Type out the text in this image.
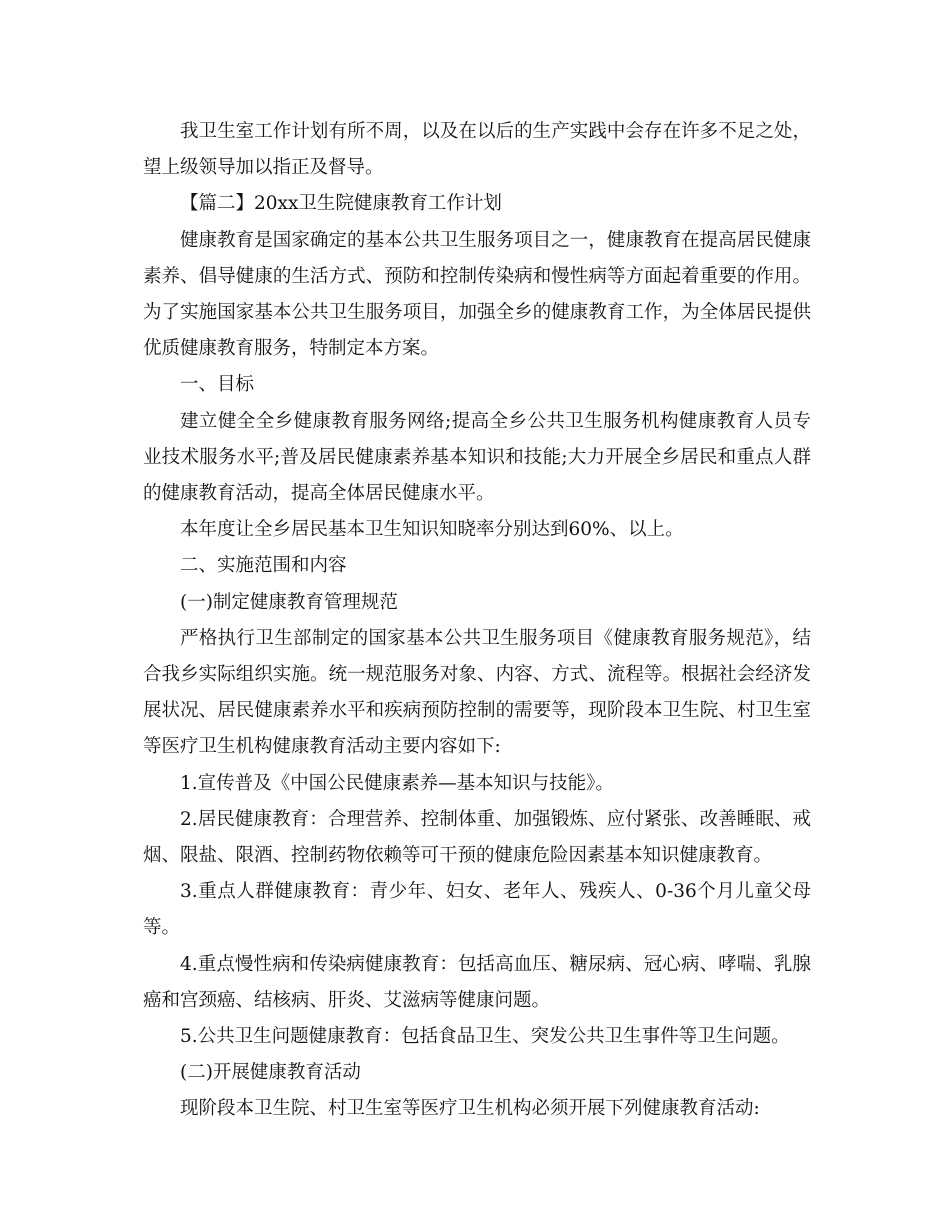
我卫生室工作计划有所不周，以及在以后的生产实践中会存在许多不足之处，望上级领导加以指正及督导。

【篇二】20xx卫生院健康教育工作计划

健康教育是国家确定的基本公共卫生服务项目之一，健康教育在提高居民健康素养、倡导健康的生活方式、预防和控制传染病和慢性病等方面起着重要的作用。为了实施国家基本公共卫生服务项目，加强全乡的健康教育工作，为全体居民提供优质健康教育服务，特制定本方案。

一、目标

建立健全全乡健康教育服务网络;提高全乡公共卫生服务机构健康教育人员专业技术服务水平;普及居民健康素养基本知识和技能;大力开展全乡居民和重点人群的健康教育活动，提高全体居民健康水平。

本年度让全乡居民基本卫生知识知晓率分别达到60%、以上。

二、实施范围和内容

(一)制定健康教育管理规范

严格执行卫生部制定的国家基本公共卫生服务项目《健康教育服务规范》，结合我乡实际组织实施。统一规范服务对象、内容、方式、流程等。根据社会经济发展状况、居民健康素养水平和疾病预防控制的需要等，现阶段本卫生院、村卫生室等医疗卫生机构健康教育活动主要内容如下:

1.宣传普及《中国公民健康素养—基本知识与技能》。

2.居民健康教育：合理营养、控制体重、加强锻炼、应付紧张、改善睡眠、戒烟、限盐、限酒、控制药物依赖等可干预的健康危险因素基本知识健康教育。

3.重点人群健康教育：青少年、妇女、老年人、残疾人、0-36个月儿童父母等。

4.重点慢性病和传染病健康教育：包括高血压、糖尿病、冠心病、哮喘、乳腺癌和宫颈癌、结核病、肝炎、艾滋病等健康问题。

5.公共卫生问题健康教育：包括食品卫生、突发公共卫生事件等卫生问题。

(二)开展健康教育活动

现阶段本卫生院、村卫生室等医疗卫生机构必须开展下列健康教育活动:
